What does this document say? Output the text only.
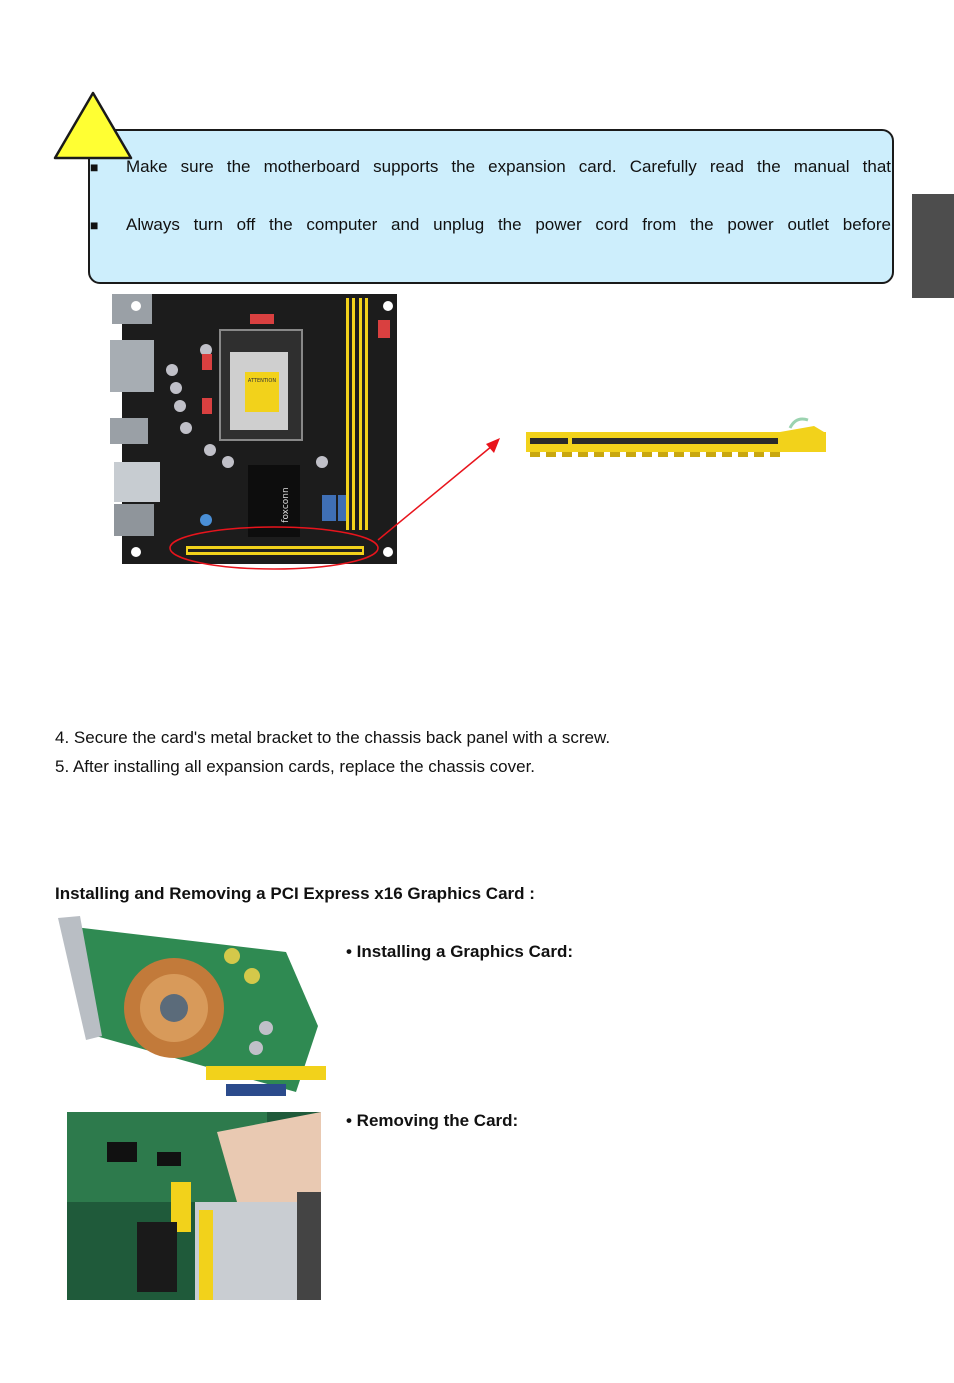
■	Make sure the motherboard supports the expansion card. Carefully read the manual that
■	Always turn off the computer and unplug the power cord from the power outlet before
ATTENTION
foxconn
4. Secure the card's metal bracket to the chassis back panel with a screw.
5. After installing all expansion cards, replace the chassis cover.
Installing and Removing a PCI Express x16 Graphics Card :
• Installing a Graphics Card:
• Removing the Card:
